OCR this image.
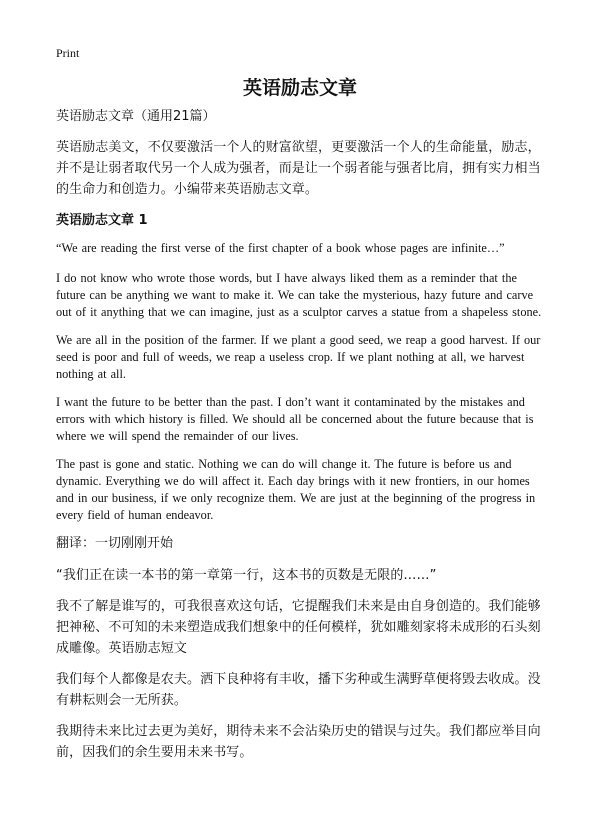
Print
英语励志文章
英语励志文章（通用21篇）

英语励志美文，不仅要激活一个人的财富欲望，更要激活一个人的生命能量，励志，并不是让弱者取代另一个人成为强者，而是让一个弱者能与强者比肩，拥有实力相当的生命力和创造力。小编带来英语励志文章。

英语励志文章 1

“We are reading the first verse of the first chapter of a book whose pages are infinite…”

I do not know who wrote those words, but I have always liked them as a reminder that the future can be anything we want to make it. We can take the mysterious, hazy future and carve out of it anything that we can imagine, just as a sculptor carves a statue from a shapeless stone.

We are all in the position of the farmer. If we plant a good seed, we reap a good harvest. If our seed is poor and full of weeds, we reap a useless crop. If we plant nothing at all, we harvest nothing at all.

I want the future to be better than the past. I don’t want it contaminated by the mistakes and errors with which history is filled. We should all be concerned about the future because that is where we will spend the remainder of our lives.

The past is gone and static. Nothing we can do will change it. The future is before us and dynamic. Everything we do will affect it. Each day brings with it new frontiers, in our homes and in our business, if we only recognize them. We are just at the beginning of the progress in every field of human endeavor.

翻译：一切刚刚开始

“我们正在读一本书的第一章第一行，这本书的页数是无限的……”

我不了解是谁写的，可我很喜欢这句话，它提醒我们未来是由自身创造的。我们能够把神秘、不可知的未来塑造成我们想象中的任何模样，犹如雕刻家将未成形的石头刻成雕像。英语励志短文

我们每个人都像是农夫。洒下良种将有丰收，播下劣种或生满野草便将毁去收成。没有耕耘则会一无所获。

我期待未来比过去更为美好，期待未来不会沾染历史的错误与过失。我们都应举目向前，因我们的余生要用未来书写。
